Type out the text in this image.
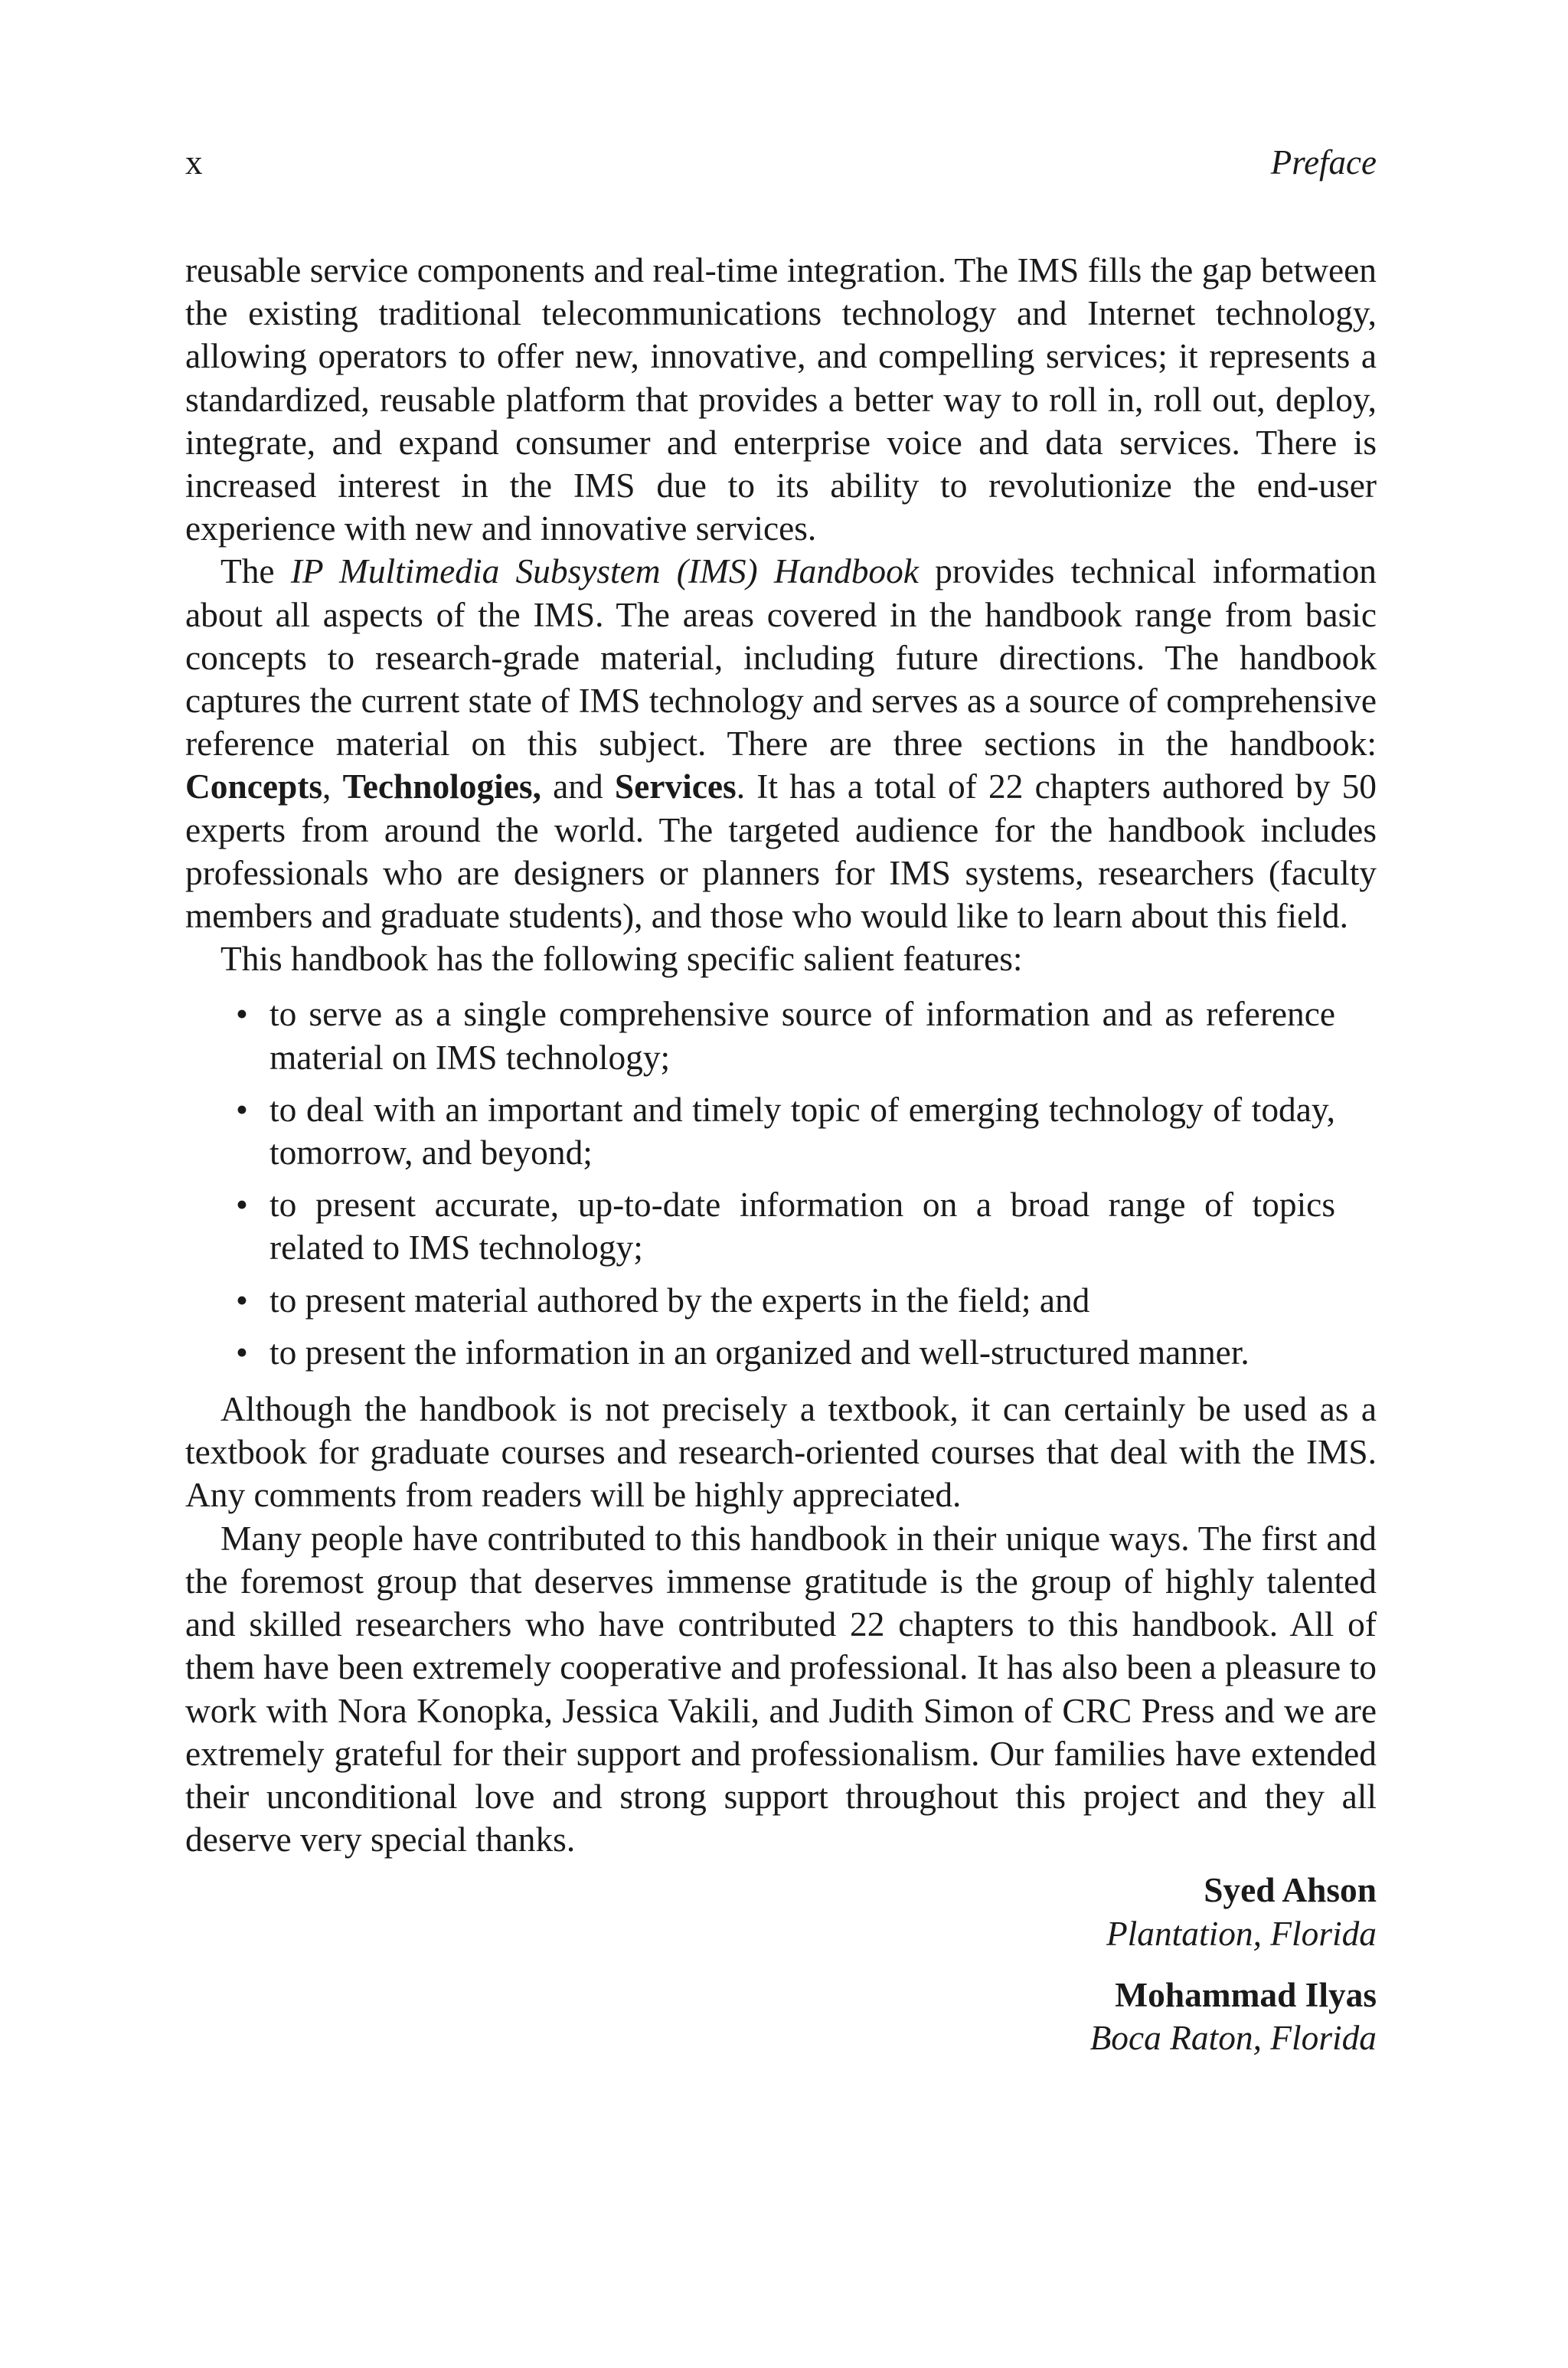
x	Preface

reusable service components and real-time integration. The IMS fills the gap between the existing traditional telecommunications technology and Internet technology, allowing operators to offer new, innovative, and compelling services; it represents a standardized, reusable platform that provides a better way to roll in, roll out, deploy, integrate, and expand consumer and enterprise voice and data services. There is increased interest in the IMS due to its ability to revolutionize the end-user experience with new and innovative services.

The IP Multimedia Subsystem (IMS) Handbook provides technical information about all aspects of the IMS. The areas covered in the handbook range from basic concepts to research-grade material, including future directions. The handbook captures the current state of IMS technology and serves as a source of comprehensive reference material on this subject. There are three sections in the handbook: Concepts, Technologies, and Services. It has a total of 22 chapters authored by 50 experts from around the world. The targeted audience for the handbook includes professionals who are designers or planners for IMS systems, researchers (faculty members and graduate students), and those who would like to learn about this field.

This handbook has the following specific salient features:

• to serve as a single comprehensive source of information and as reference material on IMS technology;
• to deal with an important and timely topic of emerging technology of today, tomorrow, and beyond;
• to present accurate, up-to-date information on a broad range of topics related to IMS technology;
• to present material authored by the experts in the field; and
• to present the information in an organized and well-structured manner.

Although the handbook is not precisely a textbook, it can certainly be used as a textbook for graduate courses and research-oriented courses that deal with the IMS. Any comments from readers will be highly appreciated.

Many people have contributed to this handbook in their unique ways. The first and the foremost group that deserves immense gratitude is the group of highly talented and skilled researchers who have contributed 22 chapters to this handbook. All of them have been extremely cooperative and professional. It has also been a pleasure to work with Nora Konopka, Jessica Vakili, and Judith Simon of CRC Press and we are extremely grateful for their support and professionalism. Our families have extended their unconditional love and strong support throughout this project and they all deserve very special thanks.

Syed Ahson
Plantation, Florida
Mohammad Ilyas
Boca Raton, Florida
